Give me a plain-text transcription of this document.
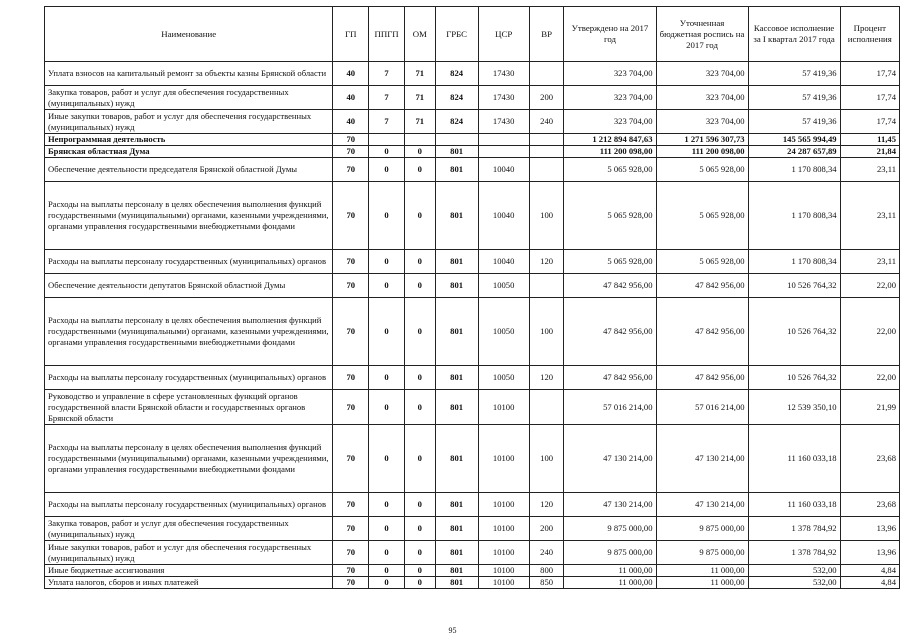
Наименование	ГП	ППГП	ОМ	ГРБС	ЦСР	ВР	Утверждено на 2017 год	Уточненная бюджетная роспись на 2017 год	Кассовое исполнение за I квартал 2017 года	Процент исполнения
Уплата взносов на капитальный ремонт за объекты казны Брянской области	40	7	71	824	17430		323 704,00	323 704,00	57 419,36	17,74
Закупка товаров, работ и услуг для обеспечения государственных (муниципальных) нужд	40	7	71	824	17430	200	323 704,00	323 704,00	57 419,36	17,74
Иные закупки товаров, работ и услуг для обеспечения государственных (муниципальных) нужд	40	7	71	824	17430	240	323 704,00	323 704,00	57 419,36	17,74
Непрограммная деятельность	70						1 212 894 847,63	1 271 596 307,73	145 565 994,49	11,45
Брянская областная Дума	70	0	0	801			111 200 098,00	111 200 098,00	24 287 657,89	21,84
Обеспечение деятельности председателя Брянской областной Думы	70	0	0	801	10040		5 065 928,00	5 065 928,00	1 170 808,34	23,11
Расходы на выплаты персоналу в целях обеспечения выполнения функций государственными (муниципальными) органами, казенными учреждениями, органами управления государственными внебюджетными фондами	70	0	0	801	10040	100	5 065 928,00	5 065 928,00	1 170 808,34	23,11
Расходы на выплаты персоналу государственных (муниципальных) органов	70	0	0	801	10040	120	5 065 928,00	5 065 928,00	1 170 808,34	23,11
Обеспечение деятельности депутатов Брянской областной Думы	70	0	0	801	10050		47 842 956,00	47 842 956,00	10 526 764,32	22,00
Расходы на выплаты персоналу в целях обеспечения выполнения функций государственными (муниципальными) органами, казенными учреждениями, органами управления государственными внебюджетными фондами	70	0	0	801	10050	100	47 842 956,00	47 842 956,00	10 526 764,32	22,00
Расходы на выплаты персоналу государственных (муниципальных) органов	70	0	0	801	10050	120	47 842 956,00	47 842 956,00	10 526 764,32	22,00
Руководство и управление в сфере установленных функций органов государственной власти Брянской области и государственных органов Брянской области	70	0	0	801	10100		57 016 214,00	57 016 214,00	12 539 350,10	21,99
Расходы на выплаты персоналу в целях обеспечения выполнения функций государственными (муниципальными) органами, казенными учреждениями, органами управления государственными внебюджетными фондами	70	0	0	801	10100	100	47 130 214,00	47 130 214,00	11 160 033,18	23,68
Расходы на выплаты персоналу государственных (муниципальных) органов	70	0	0	801	10100	120	47 130 214,00	47 130 214,00	11 160 033,18	23,68
Закупка товаров, работ и услуг для обеспечения государственных (муниципальных) нужд	70	0	0	801	10100	200	9 875 000,00	9 875 000,00	1 378 784,92	13,96
Иные закупки товаров, работ и услуг для обеспечения государственных (муниципальных) нужд	70	0	0	801	10100	240	9 875 000,00	9 875 000,00	1 378 784,92	13,96
Иные бюджетные ассигнования	70	0	0	801	10100	800	11 000,00	11 000,00	532,00	4,84
Уплата налогов, сборов и иных платежей	70	0	0	801	10100	850	11 000,00	11 000,00	532,00	4,84
95
